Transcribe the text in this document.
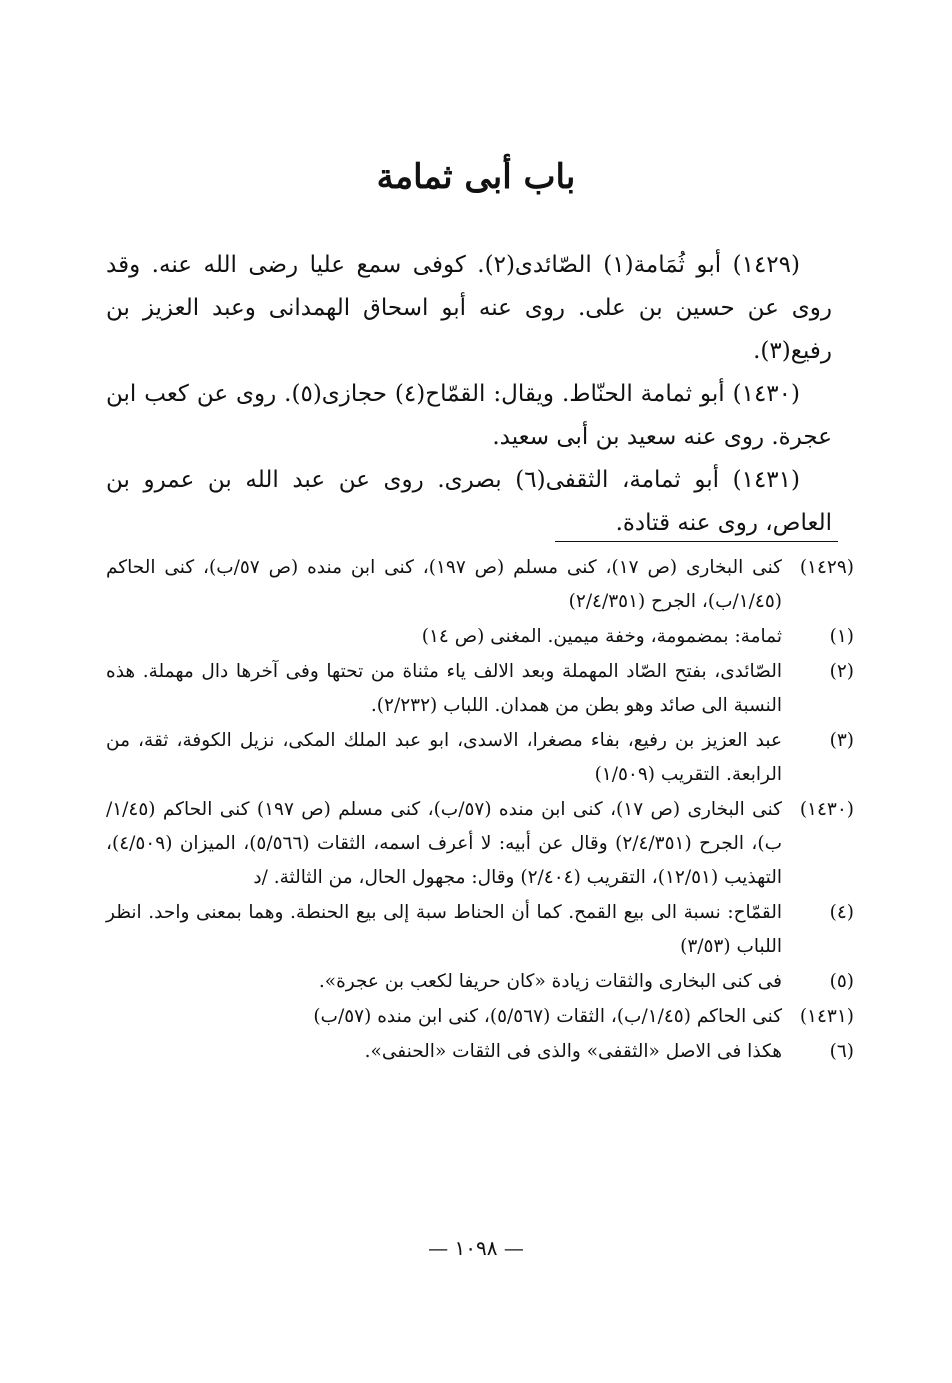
باب أبى ثمامة

(١٤٢٩) أبو ثُمَامة(١) الصّائدى(٢). كوفى سمع عليا رضى الله عنه. وقد روى عن حسين بن على. روى عنه أبو اسحاق الهمدانى وعبد العزيز بن رفيع(٣).

(١٤٣٠) أبو ثمامة الحنّاط. ويقال: القمّاح(٤) حجازى(٥). روى عن كعب ابن عجرة. روى عنه سعيد بن أبى سعيد.

(١٤٣١) أبو ثمامة، الثقفى(٦) بصرى. روى عن عبد الله بن عمرو بن العاص، روى عنه قتادة.

(١٤٢٩)
كنى البخارى (ص ١٧)، كنى مسلم (ص ١٩٧)، كنى ابن منده (ص ٥٧/ب)، كنى الحاكم (١/٤٥/ب)، الجرح (٢/٤/٣٥١)
(١)
ثمامة: بمضمومة، وخفة ميمين. المغنى (ص ١٤)
(٢)
الصّائدى، بفتح الصّاد المهملة وبعد الالف ياء مثناة من تحتها وفى آخرها دال مهملة. هذه النسبة الى صائد وهو بطن من همدان. اللباب (٢/٢٣٢).
(٣)
عبد العزيز بن رفيع، بفاء مصغرا، الاسدى، ابو عبد الملك المكى، نزيل الكوفة، ثقة، من الرابعة. التقريب (١/٥٠٩)
(١٤٣٠)
كنى البخارى (ص ١٧)، كنى ابن منده (٥٧/ب)، كنى مسلم (ص ١٩٧) كنى الحاكم (١/٤٥/ب)، الجرح (٢/٤/٣٥١) وقال عن أبيه: لا أعرف اسمه، الثقات (٥/٥٦٦)، الميزان (٤/٥٠٩)، التهذيب (١٢/٥١)، التقريب (٢/٤٠٤) وقال: مجهول الحال، من الثالثة. /د
(٤)
القمّاح: نسبة الى بيع القمح. كما أن الحناط سبة إلى بيع الحنطة. وهما بمعنى واحد. انظر اللباب (٣/٥٣)
(٥)
فى كنى البخارى والثقات زيادة «كان حريفا لكعب بن عجرة».
(١٤٣١)
كنى الحاكم (١/٤٥/ب)، الثقات (٥/٥٦٧)، كنى ابن منده (٥٧/ب)
(٦)
هكذا فى الاصل «الثقفى» والذى فى الثقات «الحنفى».
— ١٠٩٨ —
